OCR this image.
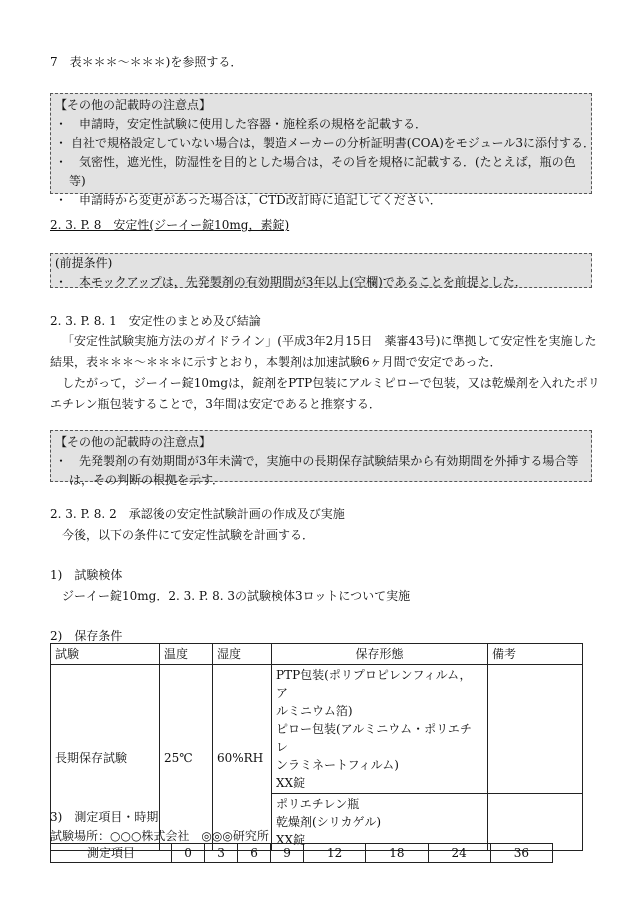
7　表＊＊＊～＊＊＊)を参照する．
【その他の記載時の注意点】
・ 申請時，安定性試験に使用した容器・施栓系の規格を記載する．
・ 自社で規格設定していない場合は，製造メーカーの分析証明書(COA)をモジュール3に添付する．
・ 気密性，遮光性，防湿性を目的とした場合は，その旨を規格に記載する．(たとえば，瓶の色
等)
・ 申請時から変更があった場合は，CTD改訂時に追記してください．
2. 3. P. 8　安定性(ジーイー錠10mg，素錠)
(前提条件)
・ 本モックアップは，先発製剤の有効期間が3年以上(空欄)であることを前提とした．
2. 3. P. 8. 1　安定性のまとめ及び結論
「安定性試験実施方法のガイドライン」(平成3年2月15日　薬審43号)に準拠して安定性を実施した
結果，表＊＊＊～＊＊＊に示すとおり，本製剤は加速試験6ヶ月間で安定であった．
したがって，ジーイー錠10mgは，錠剤をPTP包装にアルミピローで包装，又は乾燥剤を入れたポリ
エチレン瓶包装することで，3年間は安定であると推察する．
【その他の記載時の注意点】
・ 先発製剤の有効期間が3年未満で，実施中の長期保存試験結果から有効期間を外挿する場合等
は，その判断の根拠を示す．
2. 3. P. 8. 2　承認後の安定性試験計画の作成及び実施
今後，以下の条件にて安定性試験を計画する．
1)　試験検体
ジーイー錠10mg．2. 3. P. 8. 3の試験検体3ロットについて実施
2)　保存条件
試験	温度	湿度	保存形態	備考
長期保存試験	25℃	60%RH	PTP包装(ポリプロピレンフィルム，ア
ルミニウム箔)
ピロー包装(アルミニウム・ポリエチレ
ンラミネートフィルム)
XX錠	

			ポリエチレン瓶
乾燥剤(シリカゲル)
XX錠	

3)　測定項目・時期
試験場所：○○○株式会社　◎◎◎研究所
測定項目	0	3	6	9	12	18	24	36
